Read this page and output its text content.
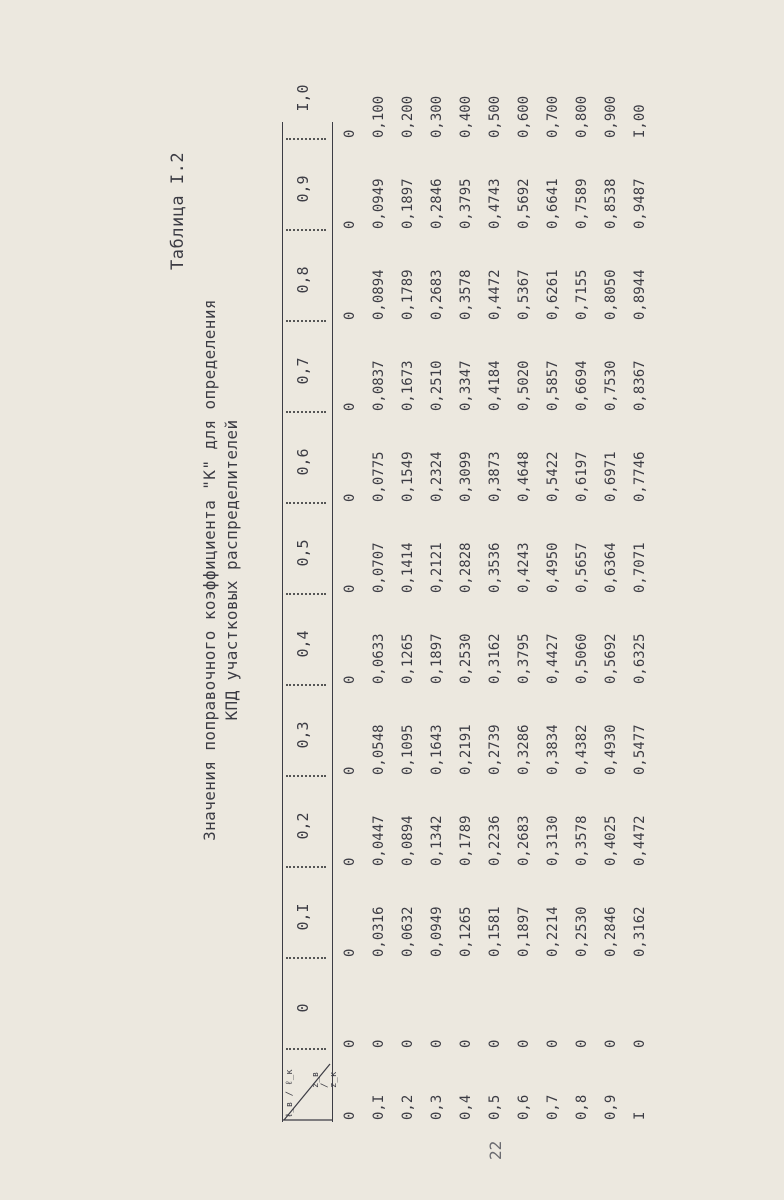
Таблица I.2
Значения поправочного коэффициента "К" для определения КПД участковых распределителей
ℓ_в / ℓ_к z_в / z_к
0
0,I
0,2
0,3
0,4
0,5
0,6
0,7
0,8
0,9
I,0
0
0
0
0
0
0
0
0
0
0
0
0
0,I
0
0,0316
0,0447
0,0548
0,0633
0,0707
0,0775
0,0837
0,0894
0,0949
0,100
0,2
0
0,0632
0,0894
0,1095
0,1265
0,1414
0,1549
0,1673
0,1789
0,1897
0,200
0,3
0
0,0949
0,1342
0,1643
0,1897
0,2121
0,2324
0,2510
0,2683
0,2846
0,300
0,4
0
0,1265
0,1789
0,2191
0,2530
0,2828
0,3099
0,3347
0,3578
0,3795
0,400
0,5
0
0,1581
0,2236
0,2739
0,3162
0,3536
0,3873
0,4184
0,4472
0,4743
0,500
0,6
0
0,1897
0,2683
0,3286
0,3795
0,4243
0,4648
0,5020
0,5367
0,5692
0,600
0,7
0
0,2214
0,3130
0,3834
0,4427
0,4950
0,5422
0,5857
0,6261
0,6641
0,700
0,8
0
0,2530
0,3578
0,4382
0,5060
0,5657
0,6197
0,6694
0,7155
0,7589
0,800
0,9
0
0,2846
0,4025
0,4930
0,5692
0,6364
0,6971
0,7530
0,8050
0,8538
0,900
I
0
0,3162
0,4472
0,5477
0,6325
0,7071
0,7746
0,8367
0,8944
0,9487
I,00
22
